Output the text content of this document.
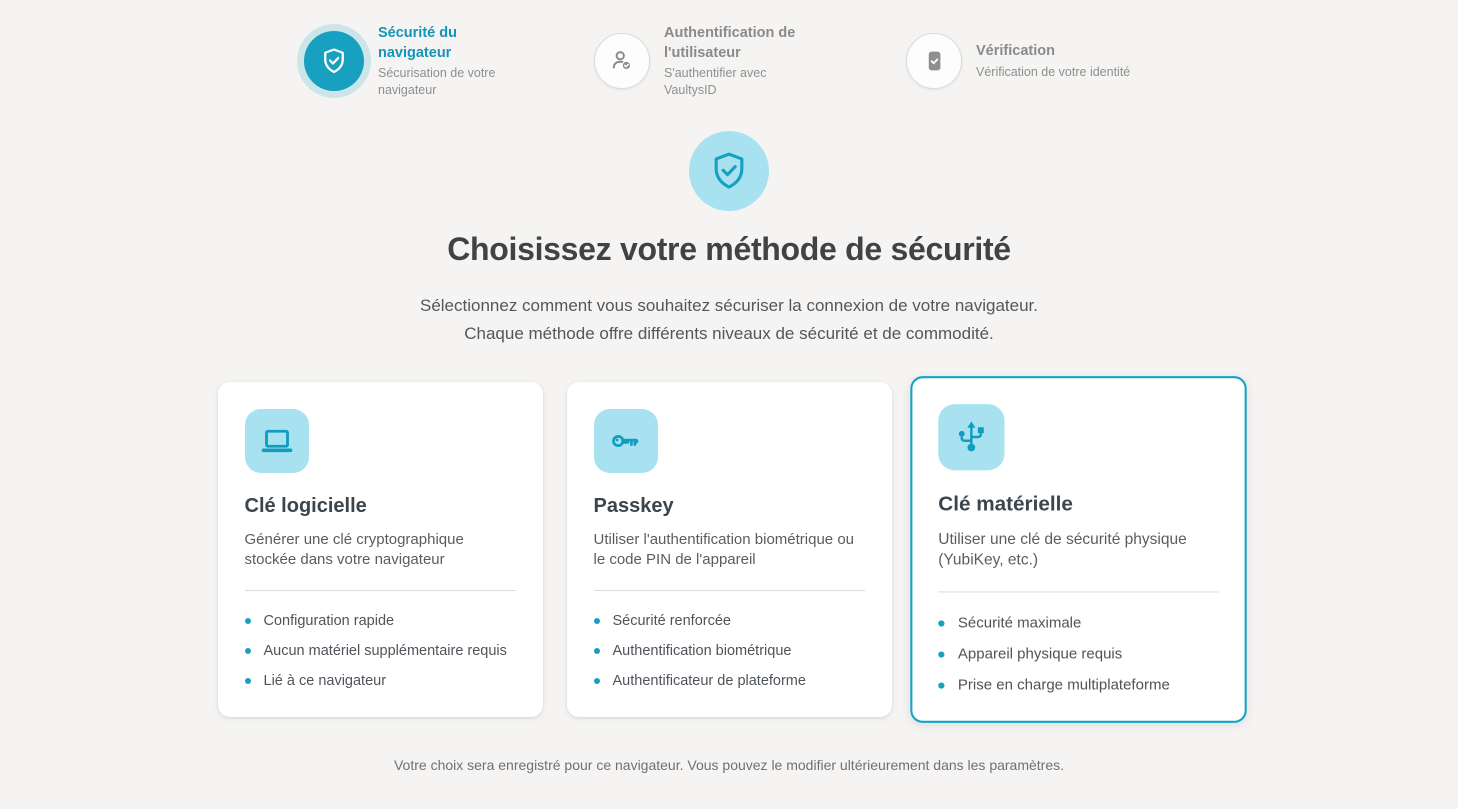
Sécurité du navigateur
Sécurisation de votre navigateur
Authentification de l'utilisateur
S'authentifier avec VaultysID
Vérification
Vérification de votre identité
Choisissez votre méthode de sécurité

Sélectionnez comment vous souhaitez sécuriser la connexion de votre navigateur.
Chaque méthode offre différents niveaux de sécurité et de commodité.

Clé logicielle

Générer une clé cryptographique stockée dans votre navigateur

Configuration rapide
Aucun matériel supplémentaire requis
Lié à ce navigateur
Passkey

Utiliser l'authentification biométrique ou le code PIN de l'appareil

Sécurité renforcée
Authentification biométrique
Authentificateur de plateforme
Clé matérielle

Utiliser une clé de sécurité physique (YubiKey, etc.)

Sécurité maximale
Appareil physique requis
Prise en charge multiplateforme

Votre choix sera enregistré pour ce navigateur. Vous pouvez le modifier ultérieurement dans les paramètres.
